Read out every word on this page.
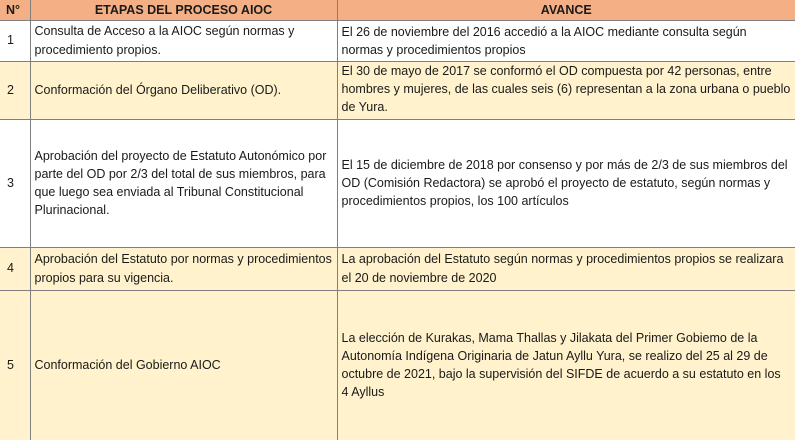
N°	ETAPAS DEL PROCESO AIOC	AVANCE
1	Consulta de Acceso a la AIOC según normas y procedimiento propios.	El 26 de noviembre del 2016 accedió a la AIOC mediante consulta según normas y procedimientos propios
2	Conformación del Órgano Deliberativo (OD).	El 30 de mayo de 2017 se conformó el OD compuesta por 42 personas, entre hombres y mujeres, de las cuales seis (6) representan a la zona urbana o pueblo de Yura.
3	Aprobación del proyecto de Estatuto Autonómico por parte del OD por 2/3 del total de sus miembros, para que luego sea enviada al Tribunal Constitucional Plurinacional.	El 15 de diciembre de 2018 por consenso y por más de 2/3 de sus miembros del OD (Comisión Redactora) se aprobó el proyecto de estatuto, según normas y procedimientos propios, los 100 artículos
4	Aprobación del Estatuto por normas y procedimientos propios para su vigencia.	La aprobación del Estatuto según normas y procedimientos propios se realizara el 20 de noviembre de 2020
5	Conformación del Gobierno AIOC	La elección de Kurakas, Mama Thallas y Jilakata del Primer Gobiemo de la Autonomía Indígena Originaria de Jatun Ayllu Yura, se realizo del 25 al 29 de octubre de 2021, bajo la supervisión del SIFDE de acuerdo a su estatuto en los 4 Ayllus
